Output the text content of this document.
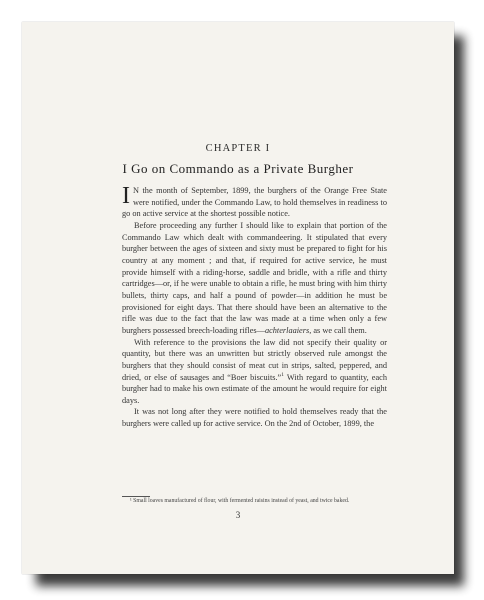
CHAPTER I
I Go on Commando as a Private Burgher

I N the month of September, 1899, the burghers of the Orange Free State were notified, under the Commando Law, to hold themselves in readiness to go on active service at the shortest possible notice.

Before proceeding any further I should like to explain that portion of the Commando Law which dealt with commandeering. It stipulated that every burgher between the ages of sixteen and sixty must be prepared to fight for his country at any moment ; and that, if required for active service, he must provide himself with a riding-horse, saddle and bridle, with a rifle and thirty cartridges—or, if he were unable to obtain a rifle, he must bring with him thirty bullets, thirty caps, and half a pound of powder—in addition he must be provisioned for eight days. That there should have been an alternative to the rifle was due to the fact that the law was made at a time when only a few burghers possessed breech-loading rifles—achterlaaiers, as we call them.

With reference to the provisions the law did not specify their quality or quantity, but there was an unwritten but strictly observed rule amongst the burghers that they should consist of meat cut in strips, salted, peppered, and dried, or else of sausages and “Boer biscuits.”$^1$ With regard to quantity, each burgher had to make his own estimate of the amount he would require for eight days.

It was not long after they were notified to hold themselves ready that the burghers were called up for active service. On the 2nd of October, 1899, the

¹ Small loaves manufactured of flour, with fermented raisins instead of yeast, and twice baked.
3
